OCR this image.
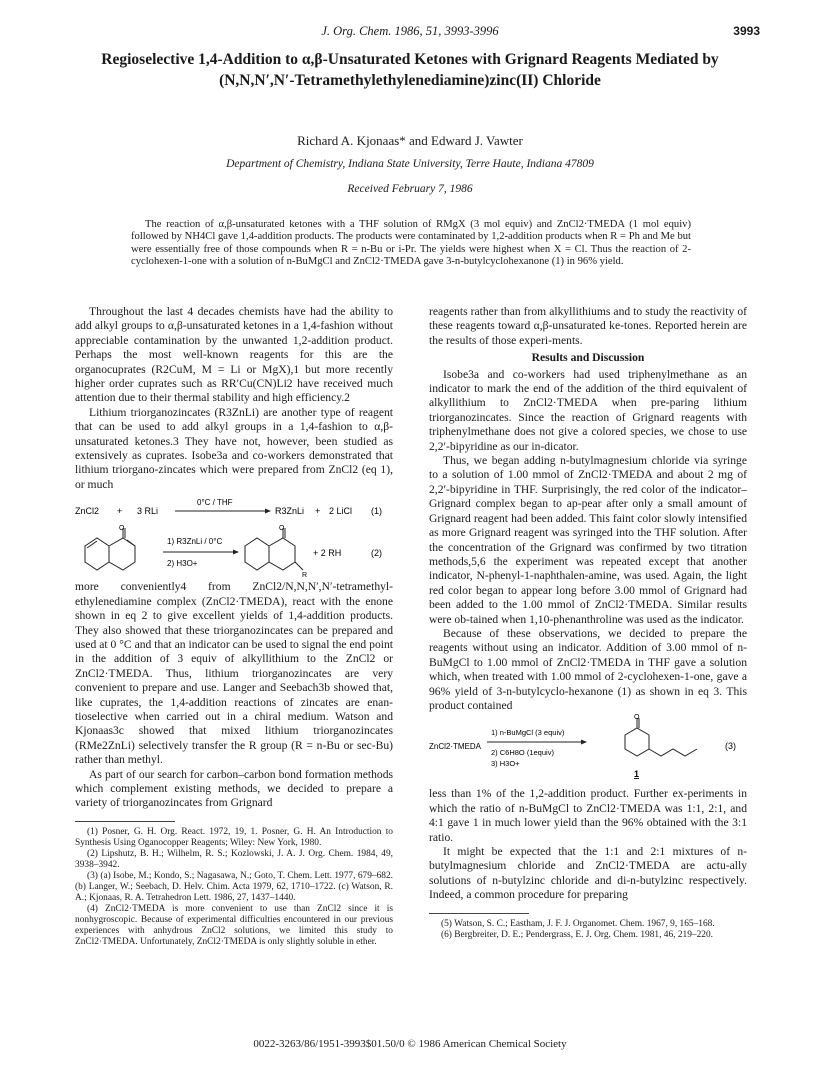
J. Org. Chem. 1986, 51, 3993-3996	3993
Regioselective 1,4-Addition to α,β-Unsaturated Ketones with Grignard Reagents Mediated by (N,N,N′,N′-Tetramethylethylenediamine)zinc(II) Chloride
Richard A. Kjonaas* and Edward J. Vawter
Department of Chemistry, Indiana State University, Terre Haute, Indiana 47809
Received February 7, 1986
The reaction of α,β-unsaturated ketones with a THF solution of RMgX (3 mol equiv) and ZnCl2·TMEDA (1 mol equiv) followed by NH4Cl gave 1,4-addition products. The products were contaminated by 1,2-addition products when R = Ph and Me but were essentially free of those compounds when R = n-Bu or i-Pr. The yields were highest when X = Cl. Thus the reaction of 2-cyclohexen-1-one with a solution of n-BuMgCl and ZnCl2·TMEDA gave 3-n-butylcyclohexanone (1) in 96% yield.

Throughout the last 4 decades chemists have had the ability to add alkyl groups to α,β-unsaturated ketones in a 1,4-fashion without appreciable contamination by the unwanted 1,2-addition product. Perhaps the most well-known reagents for this are the organocuprates (R2CuM, M = Li or MgX),1 but more recently higher order cuprates such as RR′Cu(CN)Li2 have received much attention due to their thermal stability and high efficiency.2

Lithium triorganozincates (R3ZnLi) are another type of reagent that can be used to add alkyl groups in a 1,4-fashion to α,β-unsaturated ketones.3 They have not, however, been studied as extensively as cuprates. Isobe3a and co-workers demonstrated that lithium triorgano-zincates which were prepared from ZnCl2 (eq 1), or much

ZnCl2 + 3 RLi
0°C / THF
R3ZnLi + 2 LiCl (1)
O
1) R3ZnLi / 0°C
2) H3O+
O
R
+ 2 RH	(2)

more conveniently4 from ZnCl2/N,N,N′,N′-tetramethyl-ethylenediamine complex (ZnCl2·TMEDA), react with the enone shown in eq 2 to give excellent yields of 1,4-addition products. They also showed that these triorganozincates can be prepared and used at 0 °C and that an indicator can be used to signal the end point in the addition of 3 equiv of alkyllithium to the ZnCl2 or ZnCl2·TMEDA. Thus, lithium triorganozincates are very convenient to prepare and use. Langer and Seebach3b showed that, like cuprates, the 1,4-addition reactions of zincates are enan-tioselective when carried out in a chiral medium. Watson and Kjonaas3c showed that mixed lithium triorganozincates (RMe2ZnLi) selectively transfer the R group (R = n-Bu or sec-Bu) rather than methyl.

As part of our search for carbon–carbon bond formation methods which complement existing methods, we decided to prepare a variety of triorganozincates from Grignard

(1) Posner, G. H. Org. React. 1972, 19, 1. Posner, G. H. An Introduction to Synthesis Using Oganocopper Reagents; Wiley: New York, 1980.

(2) Lipshutz, B. H.; Wilhelm, R. S.; Kozlowski, J. A. J. Org. Chem. 1984, 49, 3938–3942.

(3) (a) Isobe, M.; Kondo, S.; Nagasawa, N.; Goto, T. Chem. Lett. 1977, 679–682. (b) Langer, W.; Seebach, D. Helv. Chim. Acta 1979, 62, 1710–1722. (c) Watson, R. A.; Kjonaas, R. A. Tetrahedron Lett. 1986, 27, 1437–1440.

(4) ZnCl2·TMEDA is more convenient to use than ZnCl2 since it is nonhygroscopic. Because of experimental difficulties encountered in our previous experiences with anhydrous ZnCl2 solutions, we limited this study to ZnCl2·TMEDA. Unfortunately, ZnCl2·TMEDA is only slightly soluble in ether.

reagents rather than from alkyllithiums and to study the reactivity of these reagents toward α,β-unsaturated ke-tones. Reported herein are the results of those experi-ments.

Results and Discussion

Isobe3a and co-workers had used triphenylmethane as an indicator to mark the end of the addition of the third equivalent of alkyllithium to ZnCl2·TMEDA when pre-paring lithium triorganozincates. Since the reaction of Grignard reagents with triphenylmethane does not give a colored species, we chose to use 2,2′-bipyridine as our in-dicator.

Thus, we began adding n-butylmagnesium chloride via syringe to a solution of 1.00 mmol of ZnCl2·TMEDA and about 2 mg of 2,2′-bipyridine in THF. Surprisingly, the red color of the indicator–Grignard complex began to ap-pear after only a small amount of Grignard reagent had been added. This faint color slowly intensified as more Grignard reagent was syringed into the THF solution. After the concentration of the Grignard was confirmed by two titration methods,5,6 the experiment was repeated except that another indicator, N-phenyl-1-naphthalen-amine, was used. Again, the light red color began to appear long before 3.00 mmol of Grignard had been added to the 1.00 mmol of ZnCl2·TMEDA. Similar results were ob-tained when 1,10-phenanthroline was used as the indicator.

Because of these observations, we decided to prepare the reagents without using an indicator. Addition of 3.00 mmol of n-BuMgCl to 1.00 mmol of ZnCl2·TMEDA in THF gave a solution which, when treated with 1.00 mmol of 2-cyclohexen-1-one, gave a 96% yield of 3-n-butylcyclo-hexanone (1) as shown in eq 3. This product contained

ZnCl2·TMEDA
1) n-BuMgCl (3 equiv)
2) C6H8O (1equiv)
3) H3O+
O
1
(3)

less than 1% of the 1,2-addition product. Further ex-periments in which the ratio of n-BuMgCl to ZnCl2·TMEDA was 1:1, 2:1, and 4:1 gave 1 in much lower yield than the 96% obtained with the 3:1 ratio.

It might be expected that the 1:1 and 2:1 mixtures of n-butylmagnesium chloride and ZnCl2·TMEDA are actu-ally solutions of n-butylzinc chloride and di-n-butylzinc respectively. Indeed, a common procedure for preparing

(5) Watson, S. C.; Eastham, J. F. J. Organomet. Chem. 1967, 9, 165–168.

(6) Bergbreiter, D. E.; Pendergrass, E. J. Org. Chem. 1981, 46, 219–220.

0022-3263/86/1951-3993$01.50/0 © 1986 American Chemical Society
